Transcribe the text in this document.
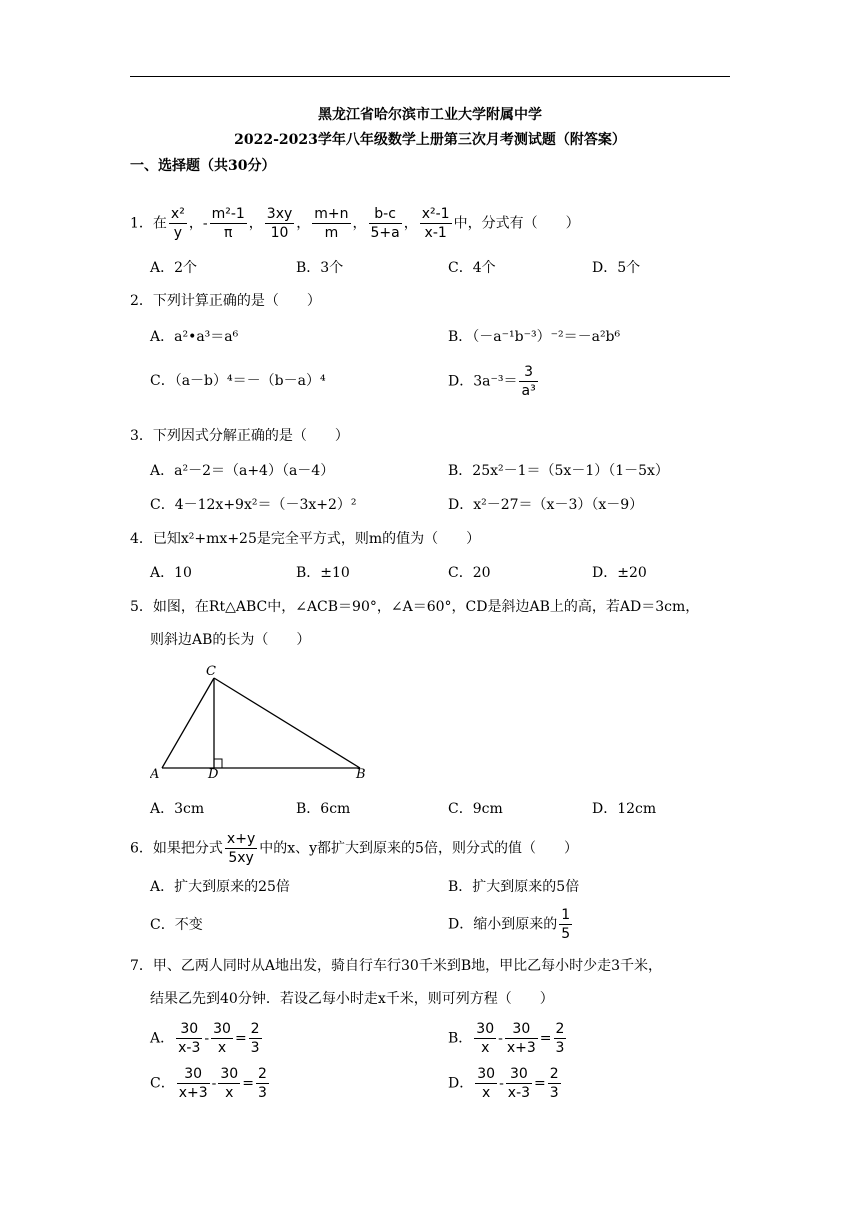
黑龙江省哈尔滨市工业大学附属中学
2022-2023学年八年级数学上册第三次月考测试题（附答案）
一、选择题（共30分）
1．在 $\frac{\text{x²}}{y}$ ，- $\frac{\text{m²-1}}{\pi}$ ， $\frac{3xy}{10}$ ， $\frac{m+n}{m}$ ， $\frac{b-c}{5+a}$ ， $\frac{\text{x²-1}}{x-1}$ 中，分式有（　　）
A．2个	B．3个	C．4个	D．5个
2．下列计算正确的是（　　）
A．a²•a³＝a⁶	B．（－a⁻¹b⁻³）⁻²＝－a²b⁶
C．（a－b）⁴＝－（b－a）⁴	D．$3a^{-3}= \frac{3}{\text{a³}}$
3．下列因式分解正确的是（　　）
A．a²－2＝（a+4）（a－4）	B．25x²－1＝（5x－1）（1－5x）
C．4－12x+9x²＝（－3x+2）²	D．x²－27＝（x－3）（x－9）
4．已知x²+mx+25是完全平方式，则m的值为（　　）
A．10	B．±10	C．20	D．±20
5．如图，在Rt△ABC中，∠ACB＝90°，∠A＝60°，CD是斜边AB上的高，若AD＝3cm，
则斜边AB的长为（　　）
A	D
C
B
A．3cm	B．6cm	C．9cm	D．12cm
6．如果把分式 $\frac{x+y}{5xy}$ 中的x、y都扩大到原来的5倍，则分式的值（　　）
A．扩大到原来的25倍	B．扩大到原来的5倍
C．不变	D．缩小到原来的 $\frac{1}{5}$
7．甲、乙两人同时从A地出发，骑自行车行30千米到B地，甲比乙每小时少走3千米，
结果乙先到40分钟．若设乙每小时走x千米，则可列方程（　　）
A． $\frac{30}{x-3} - \frac{30}{x} = \frac{2}{3}$	B． $\frac{30}{x} - \frac{30}{x+3} = \frac{2}{3}$
C． $\frac{30}{x+3} - \frac{30}{x} = \frac{2}{3}$	D． $\frac{30}{x} - \frac{30}{x-3} = \frac{2}{3}$
